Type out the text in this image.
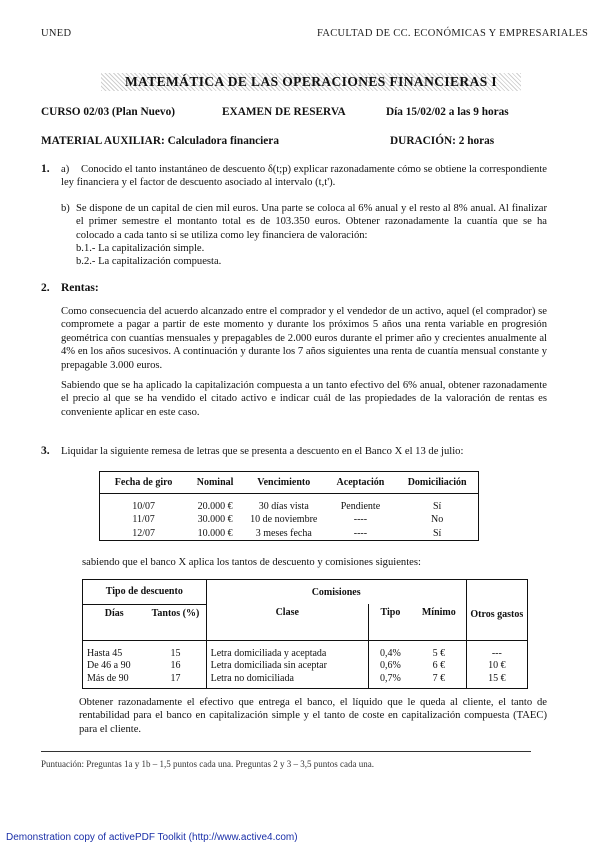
UNED	FACULTAD DE CC. ECONÓMICAS Y EMPRESARIALES
MATEMÁTICA DE LAS OPERACIONES FINANCIERAS I
CURSO 02/03 (Plan Nuevo)	EXAMEN DE RESERVA	Día 15/02/02 a las 9 horas
MATERIAL AUXILIAR: Calculadora financiera	DURACIÓN: 2 horas
1. a)	Conocido el tanto instantáneo de descuento δ(t;p) explicar razonadamente cómo se obtiene la correspondiente ley financiera y el factor de descuento asociado al intervalo (t,t').
b) Se dispone de un capital de cien mil euros. Una parte se coloca al 6% anual y el resto al 8% anual. Al finalizar el primer semestre el montanto total es de 103.350 euros. Obtener razonadamente la cuantía que se ha colocado a cada tanto si se utiliza como ley financiera de valoración:
b.1.- La capitalización simple.
b.2.- La capitalización compuesta.
2. Rentas:
Como consecuencia del acuerdo alcanzado entre el comprador y el vendedor de un activo, aquel (el comprador) se compromete a pagar a partir de este momento y durante los próximos 5 años una renta variable en progresión geométrica con cuantías mensuales y prepagables de 2.000 euros durante el primer año y crecientes anualmente al 4% en los años sucesivos. A continuación y durante los 7 años siguientes una renta de cuantía mensual constante y prepagable 3.000 euros.
Sabiendo que se ha aplicado la capitalización compuesta a un tanto efectivo del 6% anual, obtener razonadamente el precio al que se ha vendido el citado activo e indicar cuál de las propiedades de la valoración de rentas es conveniente aplicar en este caso.
3. Liquidar la siguiente remesa de letras que se presenta a descuento en el Banco X el 13 de julio:
Fecha de giro	Nominal	Vencimiento	Aceptación	Domiciliación

10/07	20.000 €	30 días vista	Pendiente	Sí
11/07	30.000 €	10 de noviembre	----	No
12/07	10.000 €	3 meses fecha	----	Sí
sabiendo que el banco X aplica los tantos de descuento y comisiones siguientes:
Tipo de descuento		Comisiones			Otros gastos
Días	Tantos (%)	Clase	Tipo	Mínimo	
Hasta 45	15	Letra domiciliada y aceptada	0,4%	5 €	---
De 46 a 90	16	Letra domiciliada sin aceptar	0,6%	6 €	10 €
Más de 90	17	Letra no domiciliada	0,7%	7 €	15 €
Obtener razonadamente el efectivo que entrega el banco, el líquido que le queda al cliente, el tanto de rentabilidad para el banco en capitalización simple y el tanto de coste en capitalización compuesta (TAEC) para el cliente.
Puntuación: Preguntas 1a y 1b – 1,5 puntos cada una. Preguntas 2 y 3 – 3,5 puntos cada una.
Demonstration copy of activePDF Toolkit (http://www.active4.com)
